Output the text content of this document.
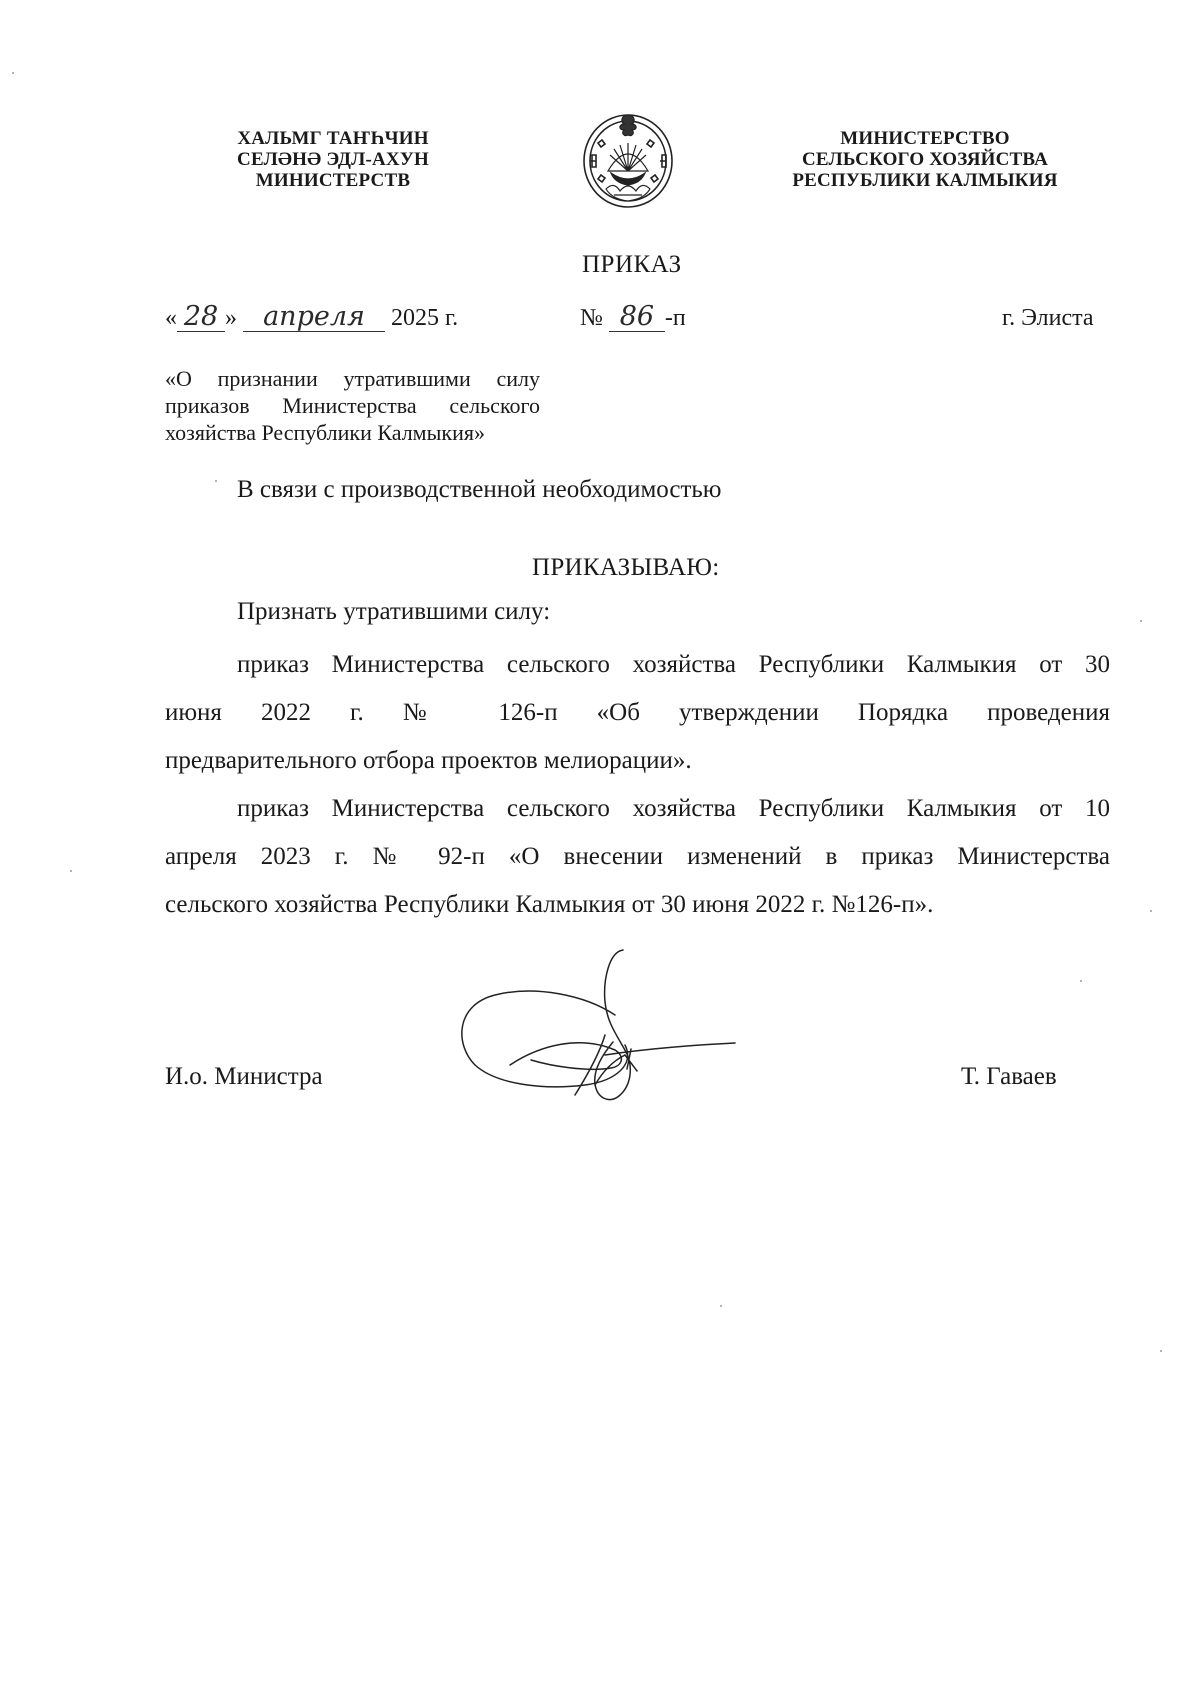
ХАЛЬМГ ТАҤҺЧИН
СЕЛӘНӘ ЭДЛ-АХУН
МИНИСТЕРСТВ
МИНИСТЕРСТВО
СЕЛЬСКОГО ХОЗЯЙСТВА
РЕСПУБЛИКИ КАЛМЫКИЯ
ПРИКАЗ
« 28 » апреля 2025 г.	№ 86 -п	г. Элиста
«О признании утратившими силу
приказов Министерства сельского
хозяйства Республики Калмыкия»
В связи с производственной необходимостью
ПРИКАЗЫВАЮ:
Признать утратившими силу:
приказ Министерства сельского хозяйства Республики Калмыкия от 30
июня 2022 г. № 126-п «Об утверждении Порядка проведения
предварительного отбора проектов мелиорации».
приказ Министерства сельского хозяйства Республики Калмыкия от 10
апреля 2023 г. № 92-п «О внесении изменений в приказ Министерства
сельского хозяйства Республики Калмыкия от 30 июня 2022 г. №126-п».
И.о. Министра	Т. Гаваев
